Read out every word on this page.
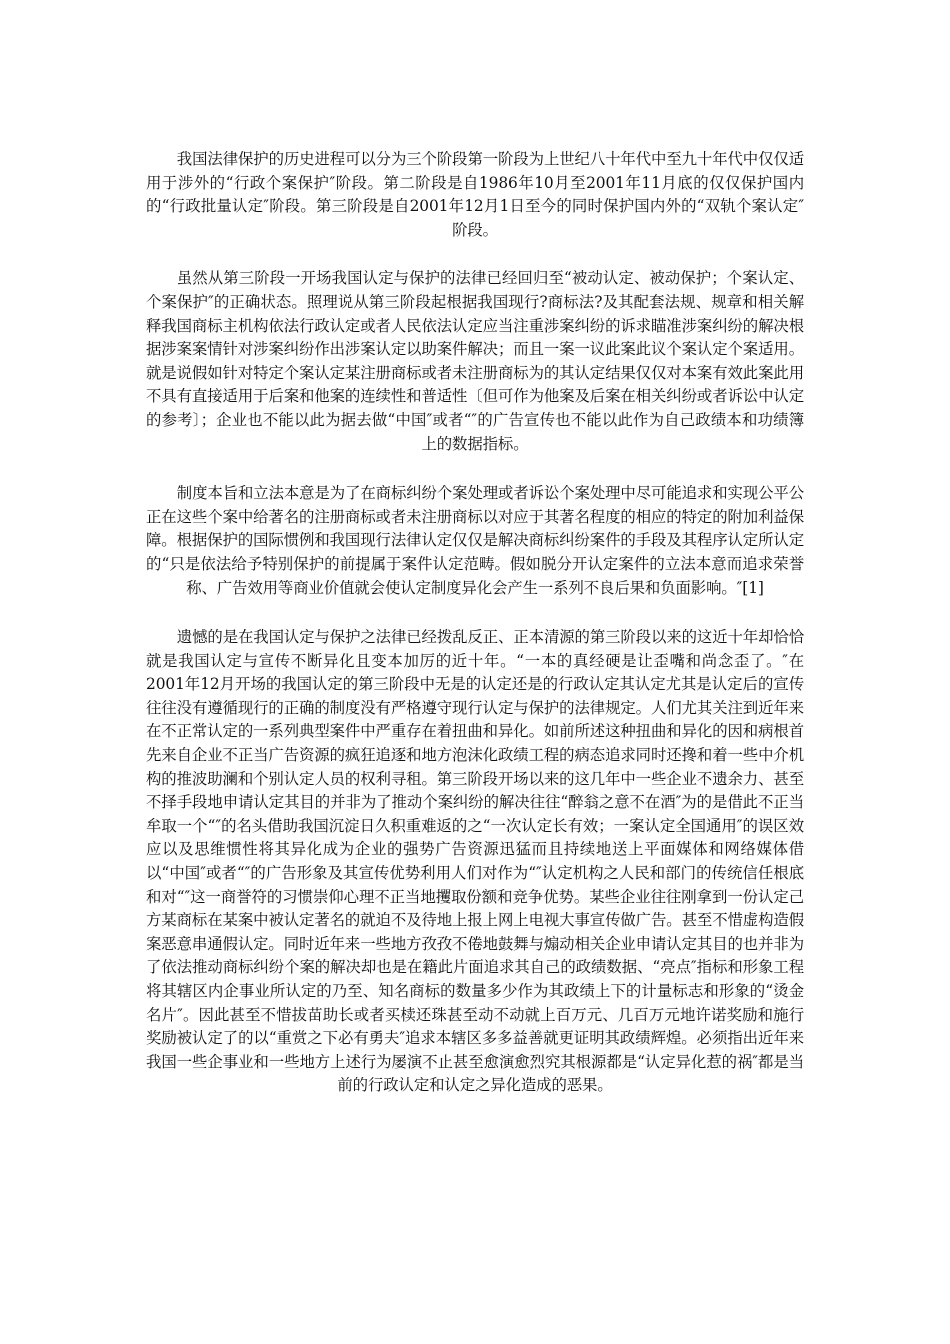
我国法律保护的历史进程可以分为三个阶段第一阶段为上世纪八十年代中至九十年代中仅仅适用于涉外的“行政个案保护″阶段。第二阶段是自1986年10月至2001年11月底的仅仅保护国内的“行政批量认定″阶段。第三阶段是自2001年12月1日至今的同时保护国内外的“双轨个案认定″阶段。

虽然从第三阶段一开场我国认定与保护的法律已经回归至“被动认定、被动保护；个案认定、个案保护″的正确状态。照理说从第三阶段起根据我国现行?商标法?及其配套法规、规章和相关解释我国商标主机构依法行政认定或者人民依法认定应当注重涉案纠纷的诉求瞄准涉案纠纷的解决根据涉案案情针对涉案纠纷作出涉案认定以助案件解决；而且一案一议此案此议个案认定个案适用。就是说假如针对特定个案认定某注册商标或者未注册商标为的其认定结果仅仅对本案有效此案此用不具有直接适用于后案和他案的连续性和普适性〔但可作为他案及后案在相关纠纷或者诉讼中认定的参考〕；企业也不能以此为据去做“中国″或者“″的广告宣传也不能以此作为自己政绩本和功绩簿上的数据指标。

制度本旨和立法本意是为了在商标纠纷个案处理或者诉讼个案处理中尽可能追求和实现公平公正在这些个案中给著名的注册商标或者未注册商标以对应于其著名程度的相应的特定的附加利益保障。根据保护的国际惯例和我国现行法律认定仅仅是解决商标纠纷案件的手段及其程序认定所认定的“只是依法给予特别保护的前提属于案件认定范畴。假如脱分开认定案件的立法本意而追求荣誉称、广告效用等商业价值就会使认定制度异化会产生一系列不良后果和负面影响。″[1]

遗憾的是在我国认定与保护之法律已经拨乱反正、正本清源的第三阶段以来的这近十年却恰恰就是我国认定与宣传不断异化且变本加厉的近十年。“一本的真经硬是让歪嘴和尚念歪了。″在2001年12月开场的我国认定的第三阶段中无是的认定还是的行政认定其认定尤其是认定后的宣传往往没有遵循现行的正确的制度没有严格遵守现行认定与保护的法律规定。人们尤其关注到近年来在不正常认定的一系列典型案件中严重存在着扭曲和异化。如前所述这种扭曲和异化的因和病根首先来自企业不正当广告资源的疯狂追逐和地方泡沫化政绩工程的病态追求同时还搀和着一些中介机构的推波助澜和个别认定人员的权利寻租。第三阶段开场以来的这几年中一些企业不遗余力、甚至不择手段地申请认定其目的并非为了推动个案纠纷的解决往往“醉翁之意不在酒″为的是借此不正当牟取一个“″的名头借助我国沉淀日久积重难返的之“一次认定长有效；一案认定全国通用″的误区效应以及思维惯性将其异化成为企业的强势广告资源迅猛而且持续地送上平面媒体和网络媒体借以“中国″或者“″的广告形象及其宣传优势利用人们对作为“″认定机构之人民和部门的传统信任根底和对“″这一商誉符的习惯崇仰心理不正当地攫取份额和竞争优势。某些企业往往刚拿到一份认定己方某商标在某案中被认定著名的就迫不及待地上报上网上电视大事宣传做广告。甚至不惜虚构造假案恶意串通假认定。同时近年来一些地方孜孜不倦地鼓舞与煽动相关企业申请认定其目的也并非为了依法推动商标纠纷个案的解决却也是在籍此片面追求其自己的政绩数据、“亮点″指标和形象工程将其辖区内企事业所认定的乃至、知名商标的数量多少作为其政绩上下的计量标志和形象的“烫金名片″。因此甚至不惜拔苗助长或者买椟还珠甚至动不动就上百万元、几百万元地许诺奖励和施行奖励被认定了的以“重赏之下必有勇夫″追求本辖区多多益善就更证明其政绩辉煌。必须指出近年来我国一些企事业和一些地方上述行为屡演不止甚至愈演愈烈究其根源都是“认定异化惹的祸″都是当前的行政认定和认定之异化造成的恶果。
